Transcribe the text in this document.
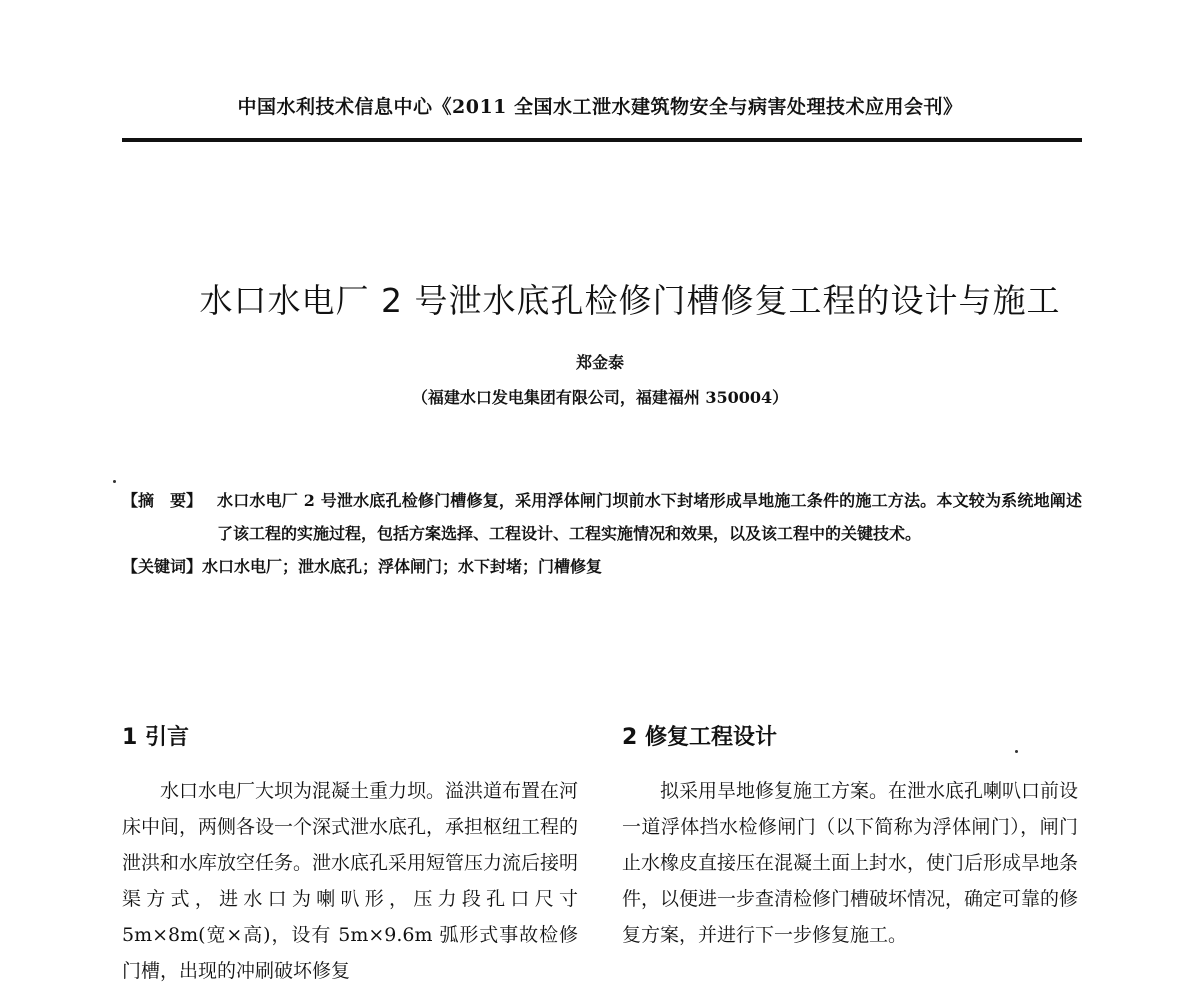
中国水利技术信息中心《2011 全国水工泄水建筑物安全与病害处理技术应用会刊》
水口水电厂 2 号泄水底孔检修门槽修复工程的设计与施工
郑金泰
（福建水口发电集团有限公司，福建福州 350004）
【摘　要】 水口水电厂 2 号泄水底孔检修门槽修复，采用浮体闸门坝前水下封堵形成旱地施工条件的施工方法。本文较为系统地阐述了该工程的实施过程，包括方案选择、工程设计、工程实施情况和效果，以及该工程中的关键技术。
【关键词】水口水电厂；泄水底孔；浮体闸门；水下封堵；门槽修复
1 引言

水口水电厂大坝为混凝土重力坝。溢洪道布置在河床中间，两侧各设一个深式泄水底孔，承担枢纽工程的泄洪和水库放空任务。泄水底孔采用短管压力流后接明渠方式，进水口为喇叭形，压力段孔口尺寸 5m×8m(宽×高)，设有 5m×9.6m 弧形式事故检修门槽，出现的冲刷破坏修复

2 修复工程设计

拟采用旱地修复施工方案。在泄水底孔喇叭口前设一道浮体挡水检修闸门（以下简称为浮体闸门），闸门止水橡皮直接压在混凝土面上封水，使门后形成旱地条件，以便进一步查清检修门槽破坏情况，确定可靠的修复方案，并进行下一步修复施工。
